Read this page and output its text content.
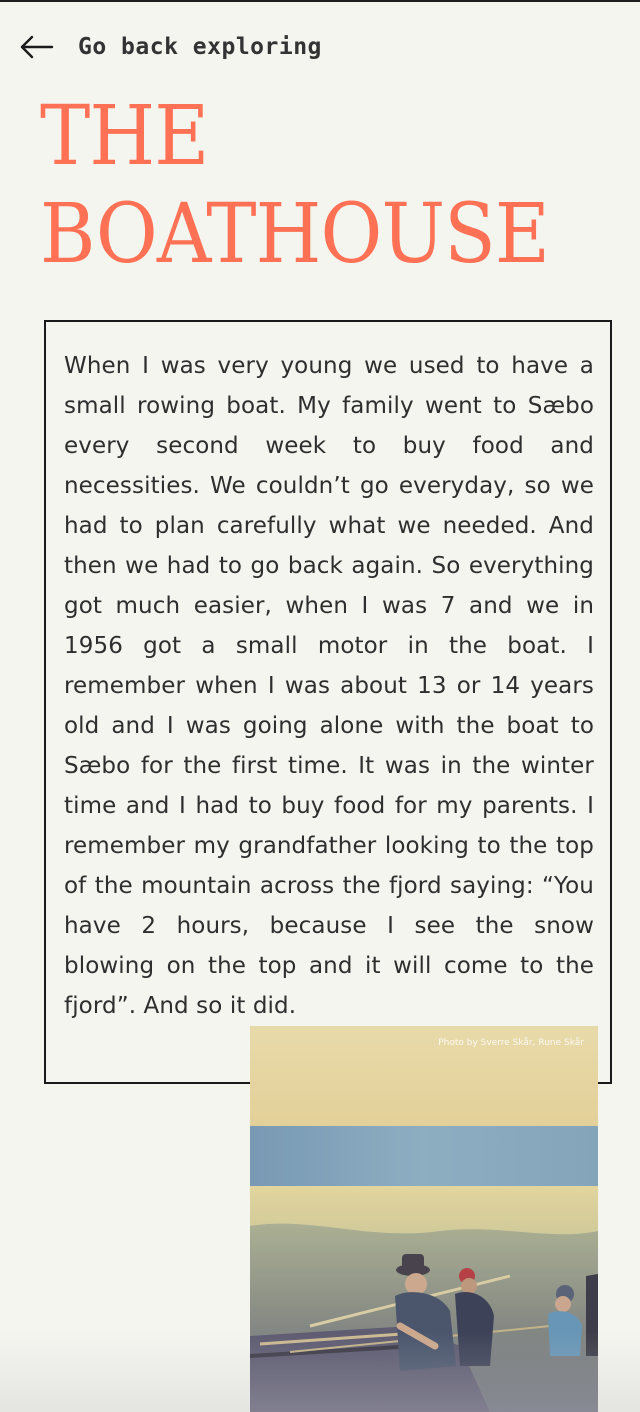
Go back exploring
THE
BOATHOUSE

When I was very young we used to have a small rowing boat. My family went to Sæbo every second week to buy food and necessities. We couldn’t go everyday, so we had to plan carefully what we needed. And then we had to go back again. So everything got much easier, when I was 7 and we in 1956 got a small motor in the boat. I remember when I was about 13 or 14 years old and I was going alone with the boat to Sæbo for the first time. It was in the winter time and I had to buy food for my parents. I remember my grandfather looking to the top of the mountain across the fjord saying: “You have 2 hours, because I see the snow blowing on the top and it will come to the fjord”. And so it did.

Photo by Sverre Skår, Rune Skår
